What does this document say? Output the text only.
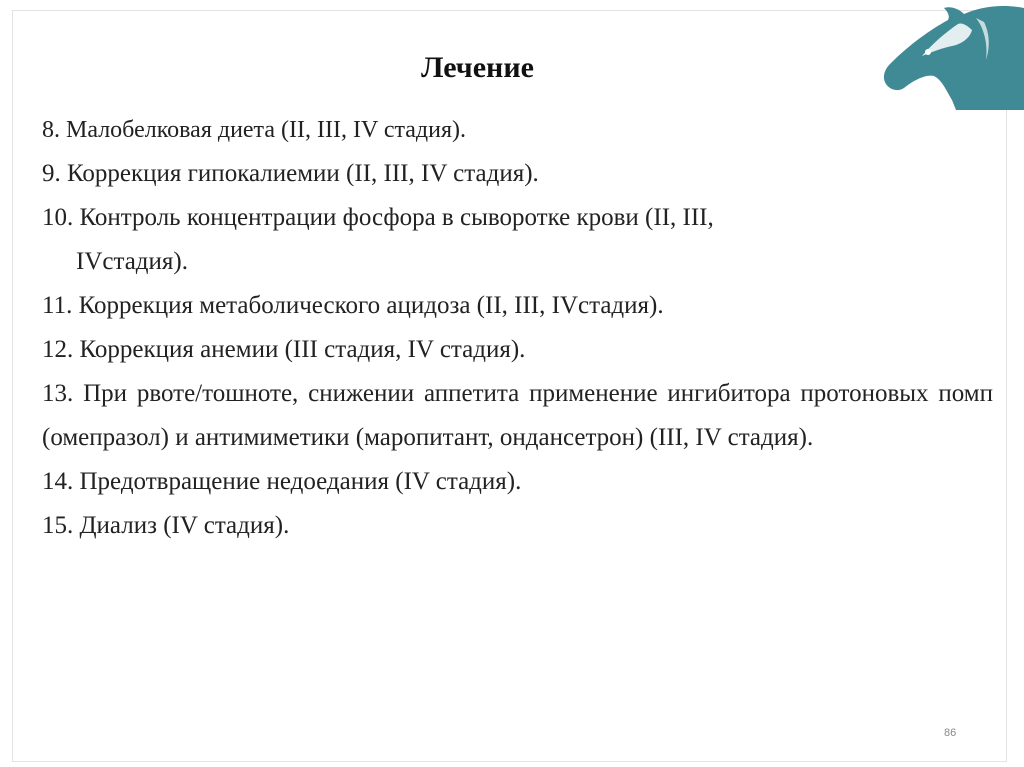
Лечение
8. Малобелковая диета (II, III, IV стадия).
9. Коррекция гипокалиемии (II, III, IV стадия).
10. Контроль концентрации фосфора в сыворотке крови (II, III,
IVстадия).
11. Коррекция метаболического ацидоза (II, III, IVстадия).
12. Коррекция анемии (III стадия, IV стадия).
13. При рвоте/тошноте, снижении аппетита применение ингибитора протоновых помп (омепразол) и антимиметики (маропитант, ондансетрон) (III, IV стадия).
14. Предотвращение недоедания (IV стадия).
15. Диализ (IV стадия).
86
